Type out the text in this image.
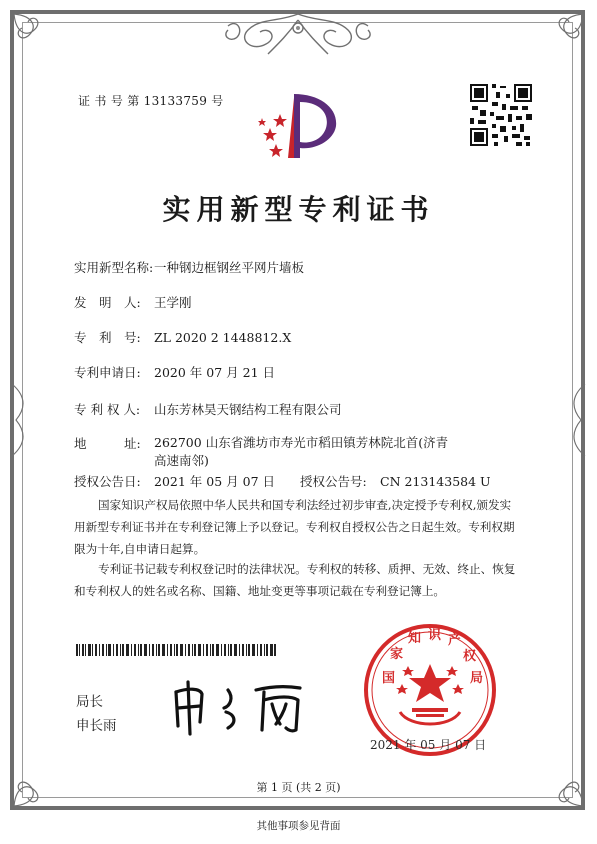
证 书 号 第 13133759 号
实用新型专利证书
实用新型名称:一种钢边框钢丝平网片墙板
发　明　人: 王学刚
专　利　号: ZL 2020 2 1448812.X
专利申请日: 2020 年 07 月 21 日
专 利 权 人: 山东芳林昊天钢结构工程有限公司
地　　　址: 262700 山东省潍坊市寿光市稻田镇芳林院北首(济青高速南邻)
授权公告日: 2021 年 05 月 07 日 授权公告号: CN 213143584 U
国家知识产权局依照中华人民共和国专利法经过初步审查,决定授予专利权,颁发实用新型专利证书并在专利登记簿上予以登记。专利权自授权公告之日起生效。专利权期限为十年,自申请日起算。
专利证书记载专利权登记时的法律状况。专利权的转移、质押、无效、终止、恢复和专利权人的姓名或名称、国籍、地址变更等事项记载在专利登记簿上。
局长
申长雨
国
家
知 识 产
权
局
2021 年 05 月 07 日
第 1 页 (共 2 页)
其他事项参见背面
